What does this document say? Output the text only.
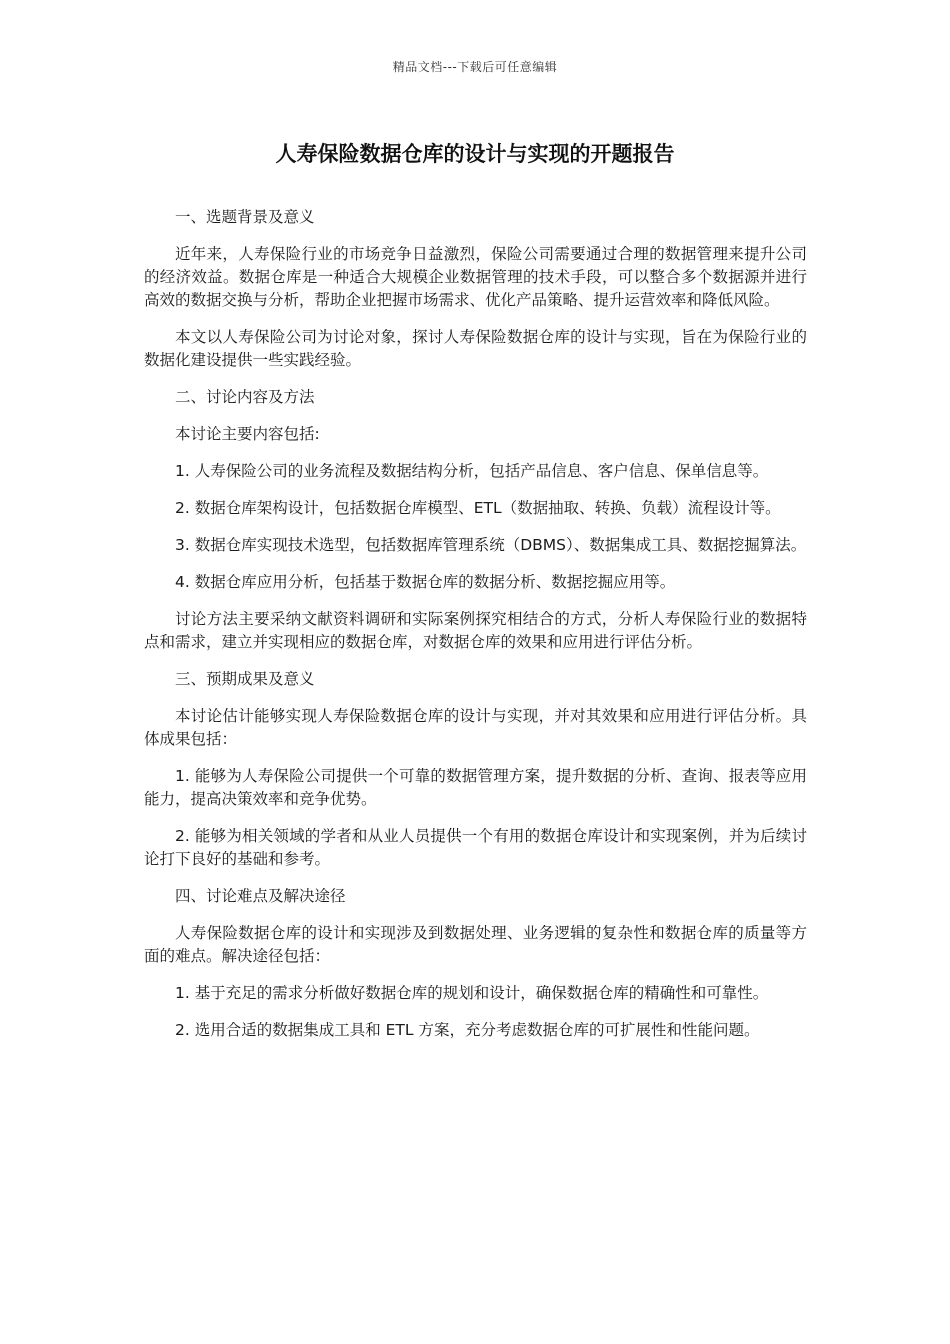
精品文档---下载后可任意编辑
人寿保险数据仓库的设计与实现的开题报告

一、选题背景及意义

近年来，人寿保险行业的市场竞争日益激烈，保险公司需要通过合理的数据管理来提升公司的经济效益。数据仓库是一种适合大规模企业数据管理的技术手段，可以整合多个数据源并进行高效的数据交换与分析，帮助企业把握市场需求、优化产品策略、提升运营效率和降低风险。

本文以人寿保险公司为讨论对象，探讨人寿保险数据仓库的设计与实现，旨在为保险行业的数据化建设提供一些实践经验。

二、讨论内容及方法

本讨论主要内容包括:

1. 人寿保险公司的业务流程及数据结构分析，包括产品信息、客户信息、保单信息等。

2. 数据仓库架构设计，包括数据仓库模型、ETL（数据抽取、转换、负载）流程设计等。

3. 数据仓库实现技术选型，包括数据库管理系统（DBMS）、数据集成工具、数据挖掘算法。

4. 数据仓库应用分析，包括基于数据仓库的数据分析、数据挖掘应用等。

讨论方法主要采纳文献资料调研和实际案例探究相结合的方式，分析人寿保险行业的数据特点和需求，建立并实现相应的数据仓库，对数据仓库的效果和应用进行评估分析。

三、预期成果及意义

本讨论估计能够实现人寿保险数据仓库的设计与实现，并对其效果和应用进行评估分析。具体成果包括：

1. 能够为人寿保险公司提供一个可靠的数据管理方案，提升数据的分析、查询、报表等应用能力，提高决策效率和竞争优势。

2. 能够为相关领域的学者和从业人员提供一个有用的数据仓库设计和实现案例，并为后续讨论打下良好的基础和参考。

四、讨论难点及解决途径

人寿保险数据仓库的设计和实现涉及到数据处理、业务逻辑的复杂性和数据仓库的质量等方面的难点。解决途径包括：

1. 基于充足的需求分析做好数据仓库的规划和设计，确保数据仓库的精确性和可靠性。

2. 选用合适的数据集成工具和 ETL 方案，充分考虑数据仓库的可扩展性和性能问题。
